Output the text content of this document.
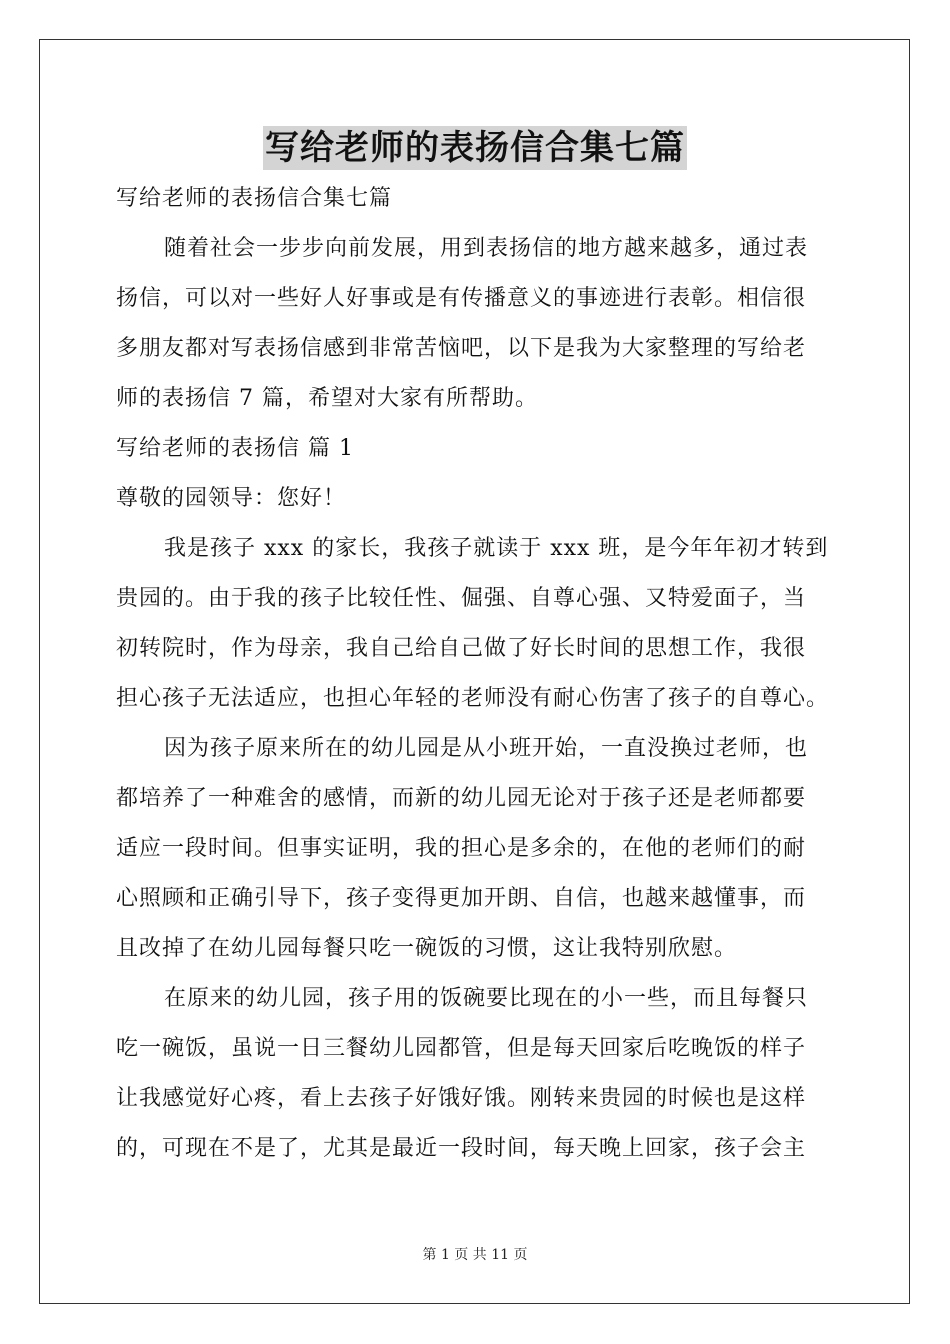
写给老师的表扬信合集七篇
写给老师的表扬信合集七篇
随着社会一步步向前发展，用到表扬信的地方越来越多，通过表
扬信，可以对一些好人好事或是有传播意义的事迹进行表彰。相信很
多朋友都对写表扬信感到非常苦恼吧，以下是我为大家整理的写给老
师的表扬信 7 篇，希望对大家有所帮助。
写给老师的表扬信 篇 1
尊敬的园领导：您好！
我是孩子 xxx 的家长，我孩子就读于 xxx 班，是今年年初才转到
贵园的。由于我的孩子比较任性、倔强、自尊心强、又特爱面子，当
初转院时，作为母亲，我自己给自己做了好长时间的思想工作，我很
担心孩子无法适应，也担心年轻的老师没有耐心伤害了孩子的自尊心。
因为孩子原来所在的幼儿园是从小班开始，一直没换过老师，也
都培养了一种难舍的感情，而新的幼儿园无论对于孩子还是老师都要
适应一段时间。但事实证明，我的担心是多余的，在他的老师们的耐
心照顾和正确引导下，孩子变得更加开朗、自信，也越来越懂事，而
且改掉了在幼儿园每餐只吃一碗饭的习惯，这让我特别欣慰。
在原来的幼儿园，孩子用的饭碗要比现在的小一些，而且每餐只
吃一碗饭，虽说一日三餐幼儿园都管，但是每天回家后吃晚饭的样子
让我感觉好心疼，看上去孩子好饿好饿。刚转来贵园的时候也是这样
的，可现在不是了，尤其是最近一段时间，每天晚上回家，孩子会主
第 1 页 共 11 页
